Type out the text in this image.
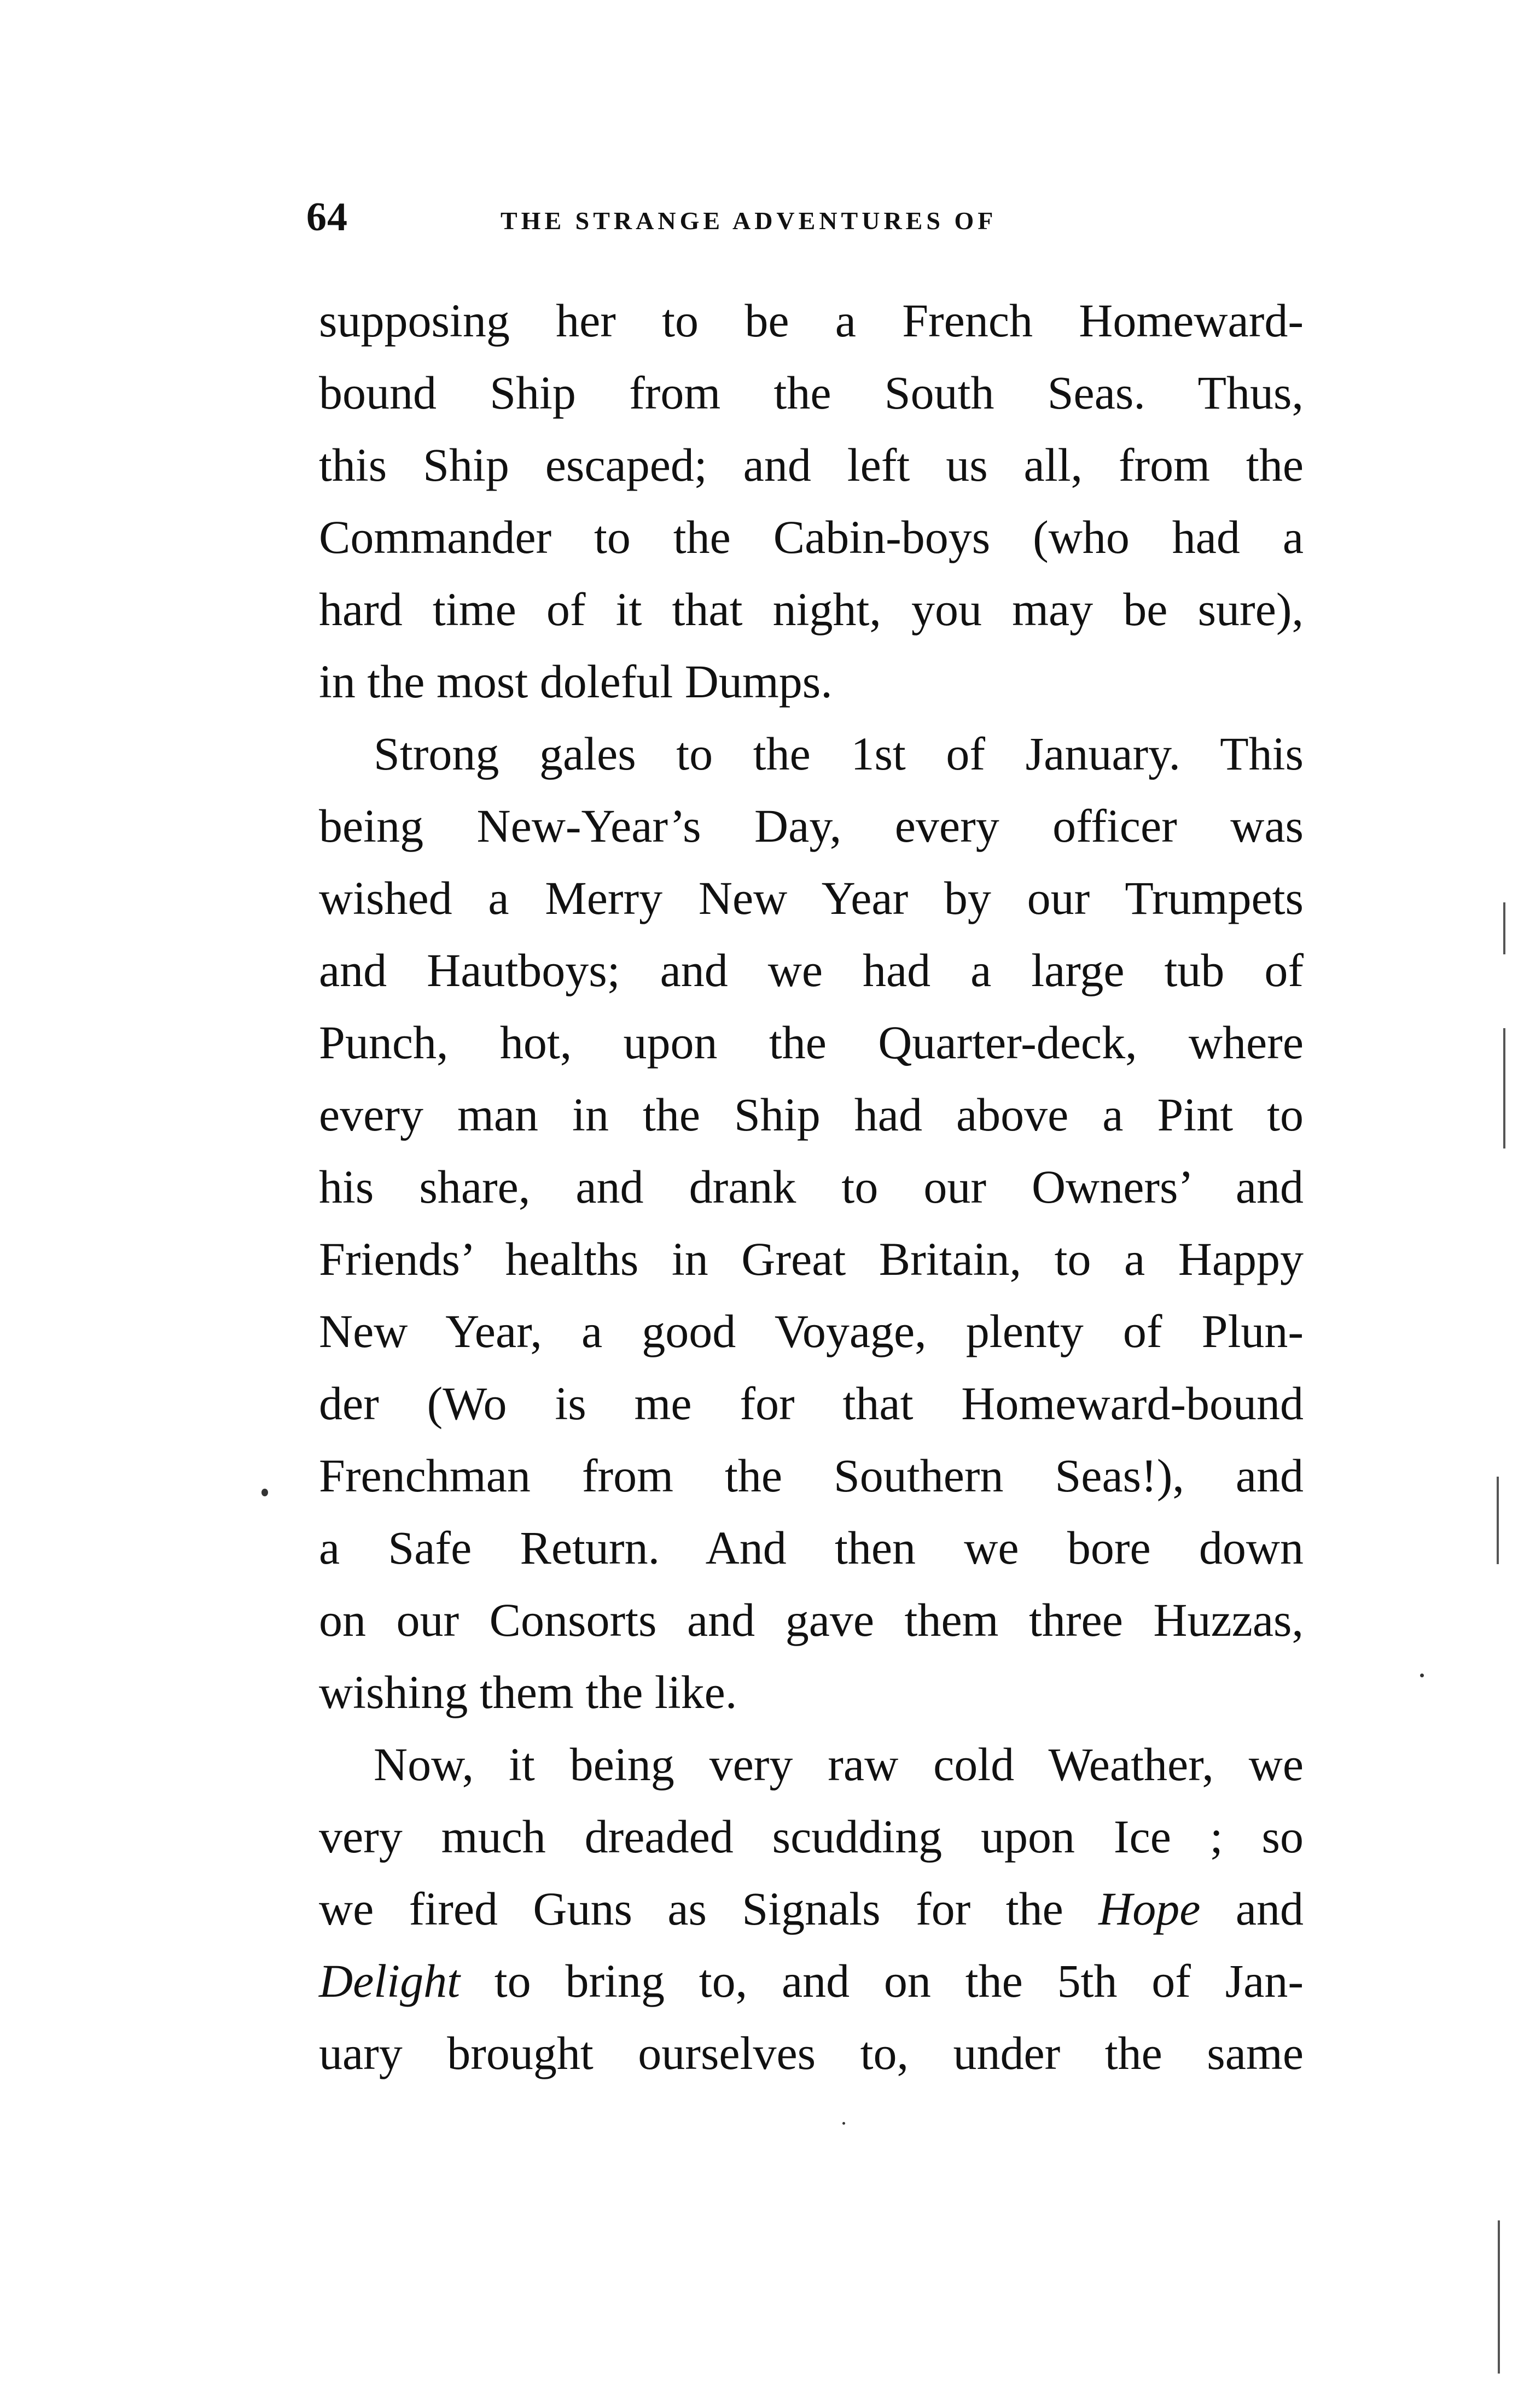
64	THE STRANGE ADVENTURES OF
supposing her to be a French Homeward-
bound Ship from the South Seas. Thus,
this Ship escaped; and left us all, from the
Commander to the Cabin-boys (who had a
hard time of it that night, you may be sure),
in the most doleful Dumps.
Strong gales to the 1st of January. This
being New-Year’s Day, every officer was
wished a Merry New Year by our Trumpets
and Hautboys; and we had a large tub of
Punch, hot, upon the Quarter-deck, where
every man in the Ship had above a Pint to
his share, and drank to our Owners’ and
Friends’ healths in Great Britain, to a Happy
New Year, a good Voyage, plenty of Plun-
der (Wo is me for that Homeward-bound
Frenchman from the Southern Seas!), and
a Safe Return. And then we bore down
on our Consorts and gave them three Huzzas,
wishing them the like.
Now, it being very raw cold Weather, we
very much dreaded scudding upon Ice ; so
we fired Guns as Signals for the Hope and
Delight to bring to, and on the 5th of Jan-
uary brought ourselves to, under the same
